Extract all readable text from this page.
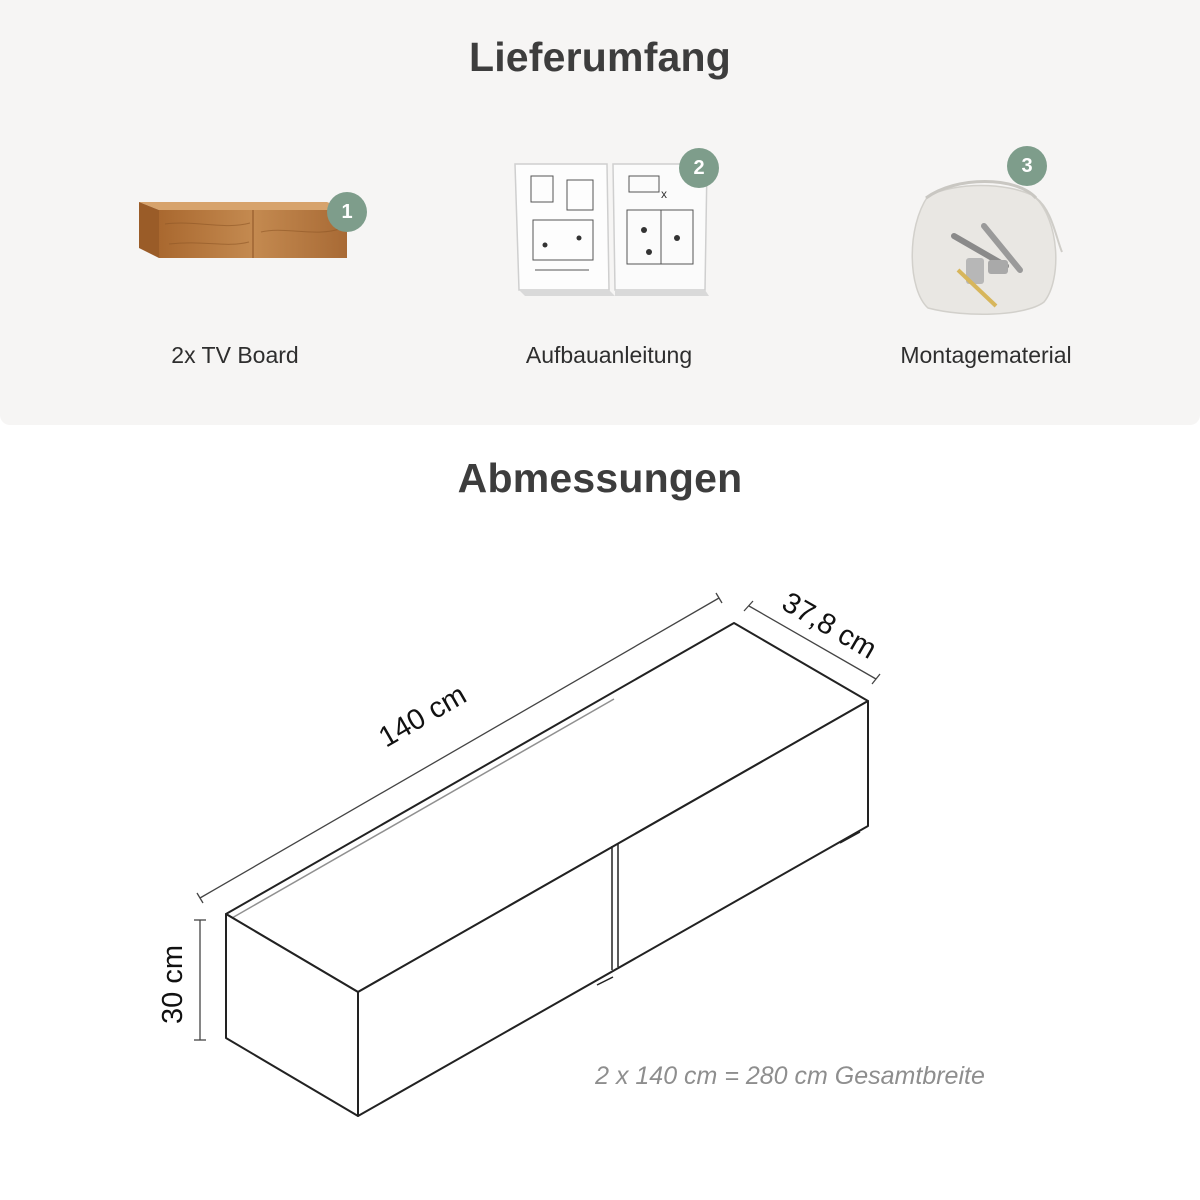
Lieferumfang
1
2x TV Board
x
2
Aufbauanleitung
3
Montagematerial
Abmessungen
140 cm
37,8 cm
30 cm
2 x 140 cm = 280 cm Gesamtbreite
